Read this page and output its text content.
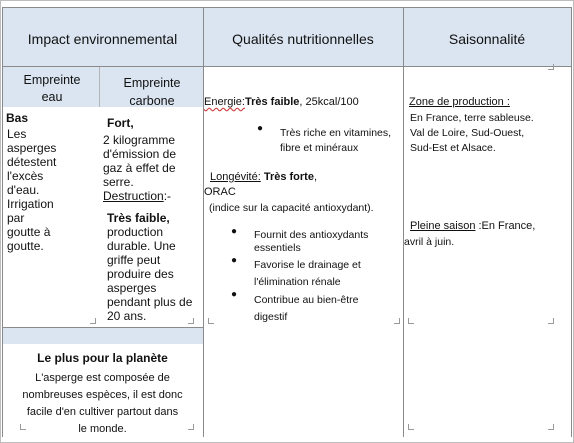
Impact environnemental	Qualités nutritionnelles	Saisonnalité
Empreinte eau
Empreinte carbone
Bas
Les
asperges
détestent
l'excès
d'eau.
Irrigation
par
goutte à
goutte.
Fort,
2 kilogramme
d'émission de
gaz à effet de
serre.
Destruction:-
Très faible,
production
durable. Une
griffe peut
produire des
asperges
pendant plus de
20 ans.
Le plus pour la planète
L'asperge est composée de
nombreuses espèces, il est donc
facile d'en cultiver partout dans
le monde.
Energie:Très faible, 25kcal/100
● Très riche en vitamines,
fibre et minéraux
Longévité: Très forte,
ORAC
(indice sur la capacité antioxydant).
● Fournit des antioxydants
essentiels
● Favorise le drainage et
l'élimination rénale
● Contribue au bien-être
digestif
Zone de production :
En France, terre sableuse.
Val de Loire, Sud-Ouest,
Sud-Est et Alsace.
Pleine saison :En France,
avril à juin.
